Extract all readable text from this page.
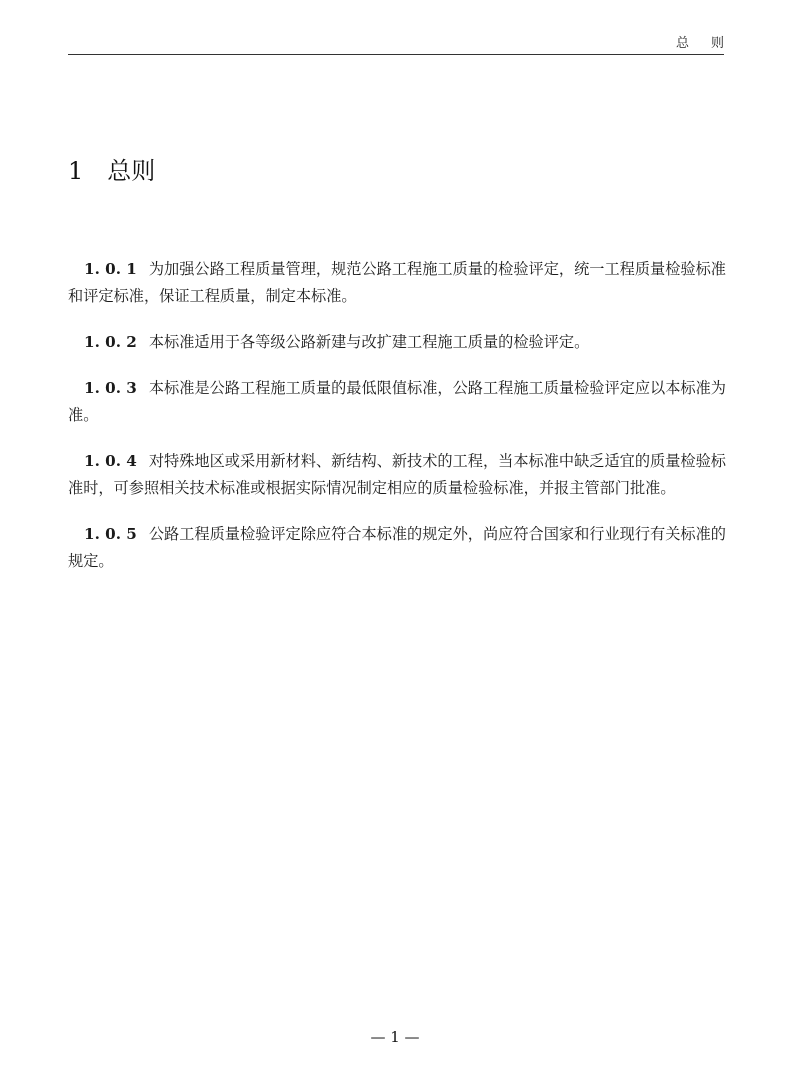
总则
1 总则

1. 0. 1 为加强公路工程质量管理，规范公路工程施工质量的检验评定，统一工程质量检验标准和评定标准，保证工程质量，制定本标准。

1. 0. 2 本标准适用于各等级公路新建与改扩建工程施工质量的检验评定。

1. 0. 3 本标准是公路工程施工质量的最低限值标准，公路工程施工质量检验评定应以本标准为准。

1. 0. 4 对特殊地区或采用新材料、新结构、新技术的工程，当本标准中缺乏适宜的质量检验标准时，可参照相关技术标准或根据实际情况制定相应的质量检验标准，并报主管部门批准。

1. 0. 5 公路工程质量检验评定除应符合本标准的规定外，尚应符合国家和行业现行有关标准的规定。

— 1 —
